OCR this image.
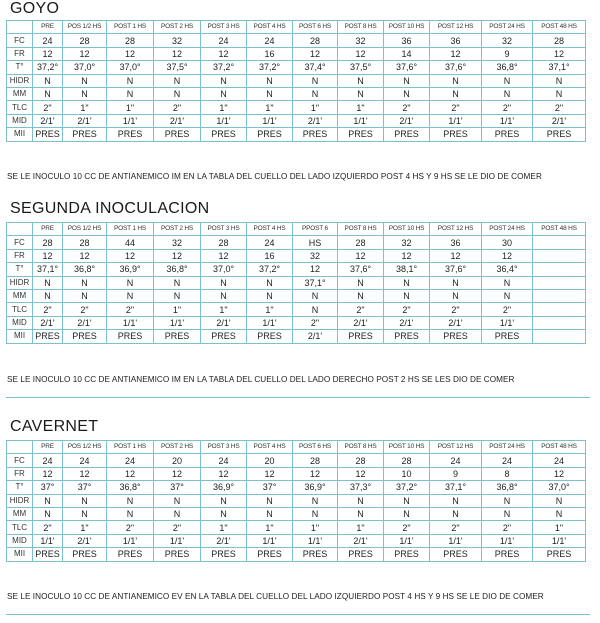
GOYO
	PRE	POS 1/2 HS	POST 1 HS	POST 2 HS	POST 3 HS	POST 4 HS	POST 6 HS	POST 8 HS	POST 10 HS	POST 12 HS	POST 24 HS	POST 48 HS
FC	24	28	28	32	24	24	28	32	36	36	32	28
FR	12	12	12	12	12	16	12	12	14	12	9	12
T°	37,2°	37,0°	37,0°	37,5°	37,2°	37,2°	37,4°	37,5°	37,6°	37,6°	36,8°	37,1°
HIDR	N	N	N	N	N	N	N	N	N	N	N	N
MM	N	N	N	N	N	N	N	N	N	N	N	N
TLC	2"	1"	1"	2"	1"	1"	1"	1"	2"	2"	2"	2"
MID	2/1'	2/1'	1/1'	2/1'	1/1'	1/1'	2/1'	1/1'	2/1'	1/1'	1/1'	2/1'
MII	PRES	PRES	PRES	PRES	PRES	PRES	PRES	PRES	PRES	PRES	PRES	PRES
SE LE INOCULO 10 CC DE ANTIANEMICO IM EN LA TABLA DEL CUELLO DEL LADO IZQUIERDO POST 4 HS Y 9 HS SE LE DIO DE COMER
SEGUNDA INOCULACION
	PRE	POS 1/2 HS	POST 1 HS	POST 2 HS	POST 3 HS	POST 4 HS	PPOST 6	POST 8 HS	POST 10 HS	POST 12 HS	POST 24 HS	POST 48 HS
FC	28	28	44	32	28	24	HS	28	32	36	30	
FR	12	12	12	12	12	16	32	12	12	12	12	
T°	37,1°	36,8°	36,9°	36,8°	37,0°	37,2°	12	37,6°	38,1°	37,6°	36,4°	
HIDR	N	N	N	N	N	N	37,1°	N	N	N	N	
MM	N	N	N	N	N	N	N	N	N	N	N	
TLC	2"	2"	2"	1"	1"	1"	N	2"	2"	2"	2"	
MID	2/1'	2/1'	1/1'	1/1'	2/1'	1/1'	2"	2/1'	2/1'	2/1'	1/1'	
MII	PRES	PRES	PRES	PRES	PRES	PRES	2/1'	PRES	PRES	PRES	PRES	
SE LE INOCULO 10 CC DE ANTIANEMICO IM EN LA TABLA DEL CUELLO DEL LADO DERECHO POST 2 HS SE LES DIO DE COMER
CAVERNET
	PRE	POS 1/2 HS	POST 1 HS	POST 2 HS	POST 3 HS	POST 4 HS	POST 6 HS	POST 8 HS	POST 10 HS	POST 12 HS	POST 24 HS	POST 48 HS
FC	24	24	24	20	24	20	28	28	28	24	24	24
FR	12	12	12	12	12	12	12	12	10	9	8	12
T°	37°	37°	36,8°	37°	36,9°	37°	36,9°	37,3°	37,2°	37,1°	36,8°	37,0°
HIDR	N	N	N	N	N	N	N	N	N	N	N	N
MM	N	N	N	N	N	N	N	N	N	N	N	N
TLC	2"	1"	2"	2"	1"	1"	1"	1"	2"	2"	2"	1"
MID	1/1'	2/1'	1/1'	1/1'	2/1'	1/1'	1/1'	2/1'	1/1'	1/1'	1/1'	1/1'
MII	PRES	PRES	PRES	PRES	PRES	PRES	PRES	PRES	PRES	PRES	PRES	PRES
SE LE INOCULO 10 CC DE ANTIANEMICO EV EN LA TABLA DEL CUELLO DEL LADO IZQUIERDO POST 4 HS Y 9 HS SE LE DIO DE COMER
